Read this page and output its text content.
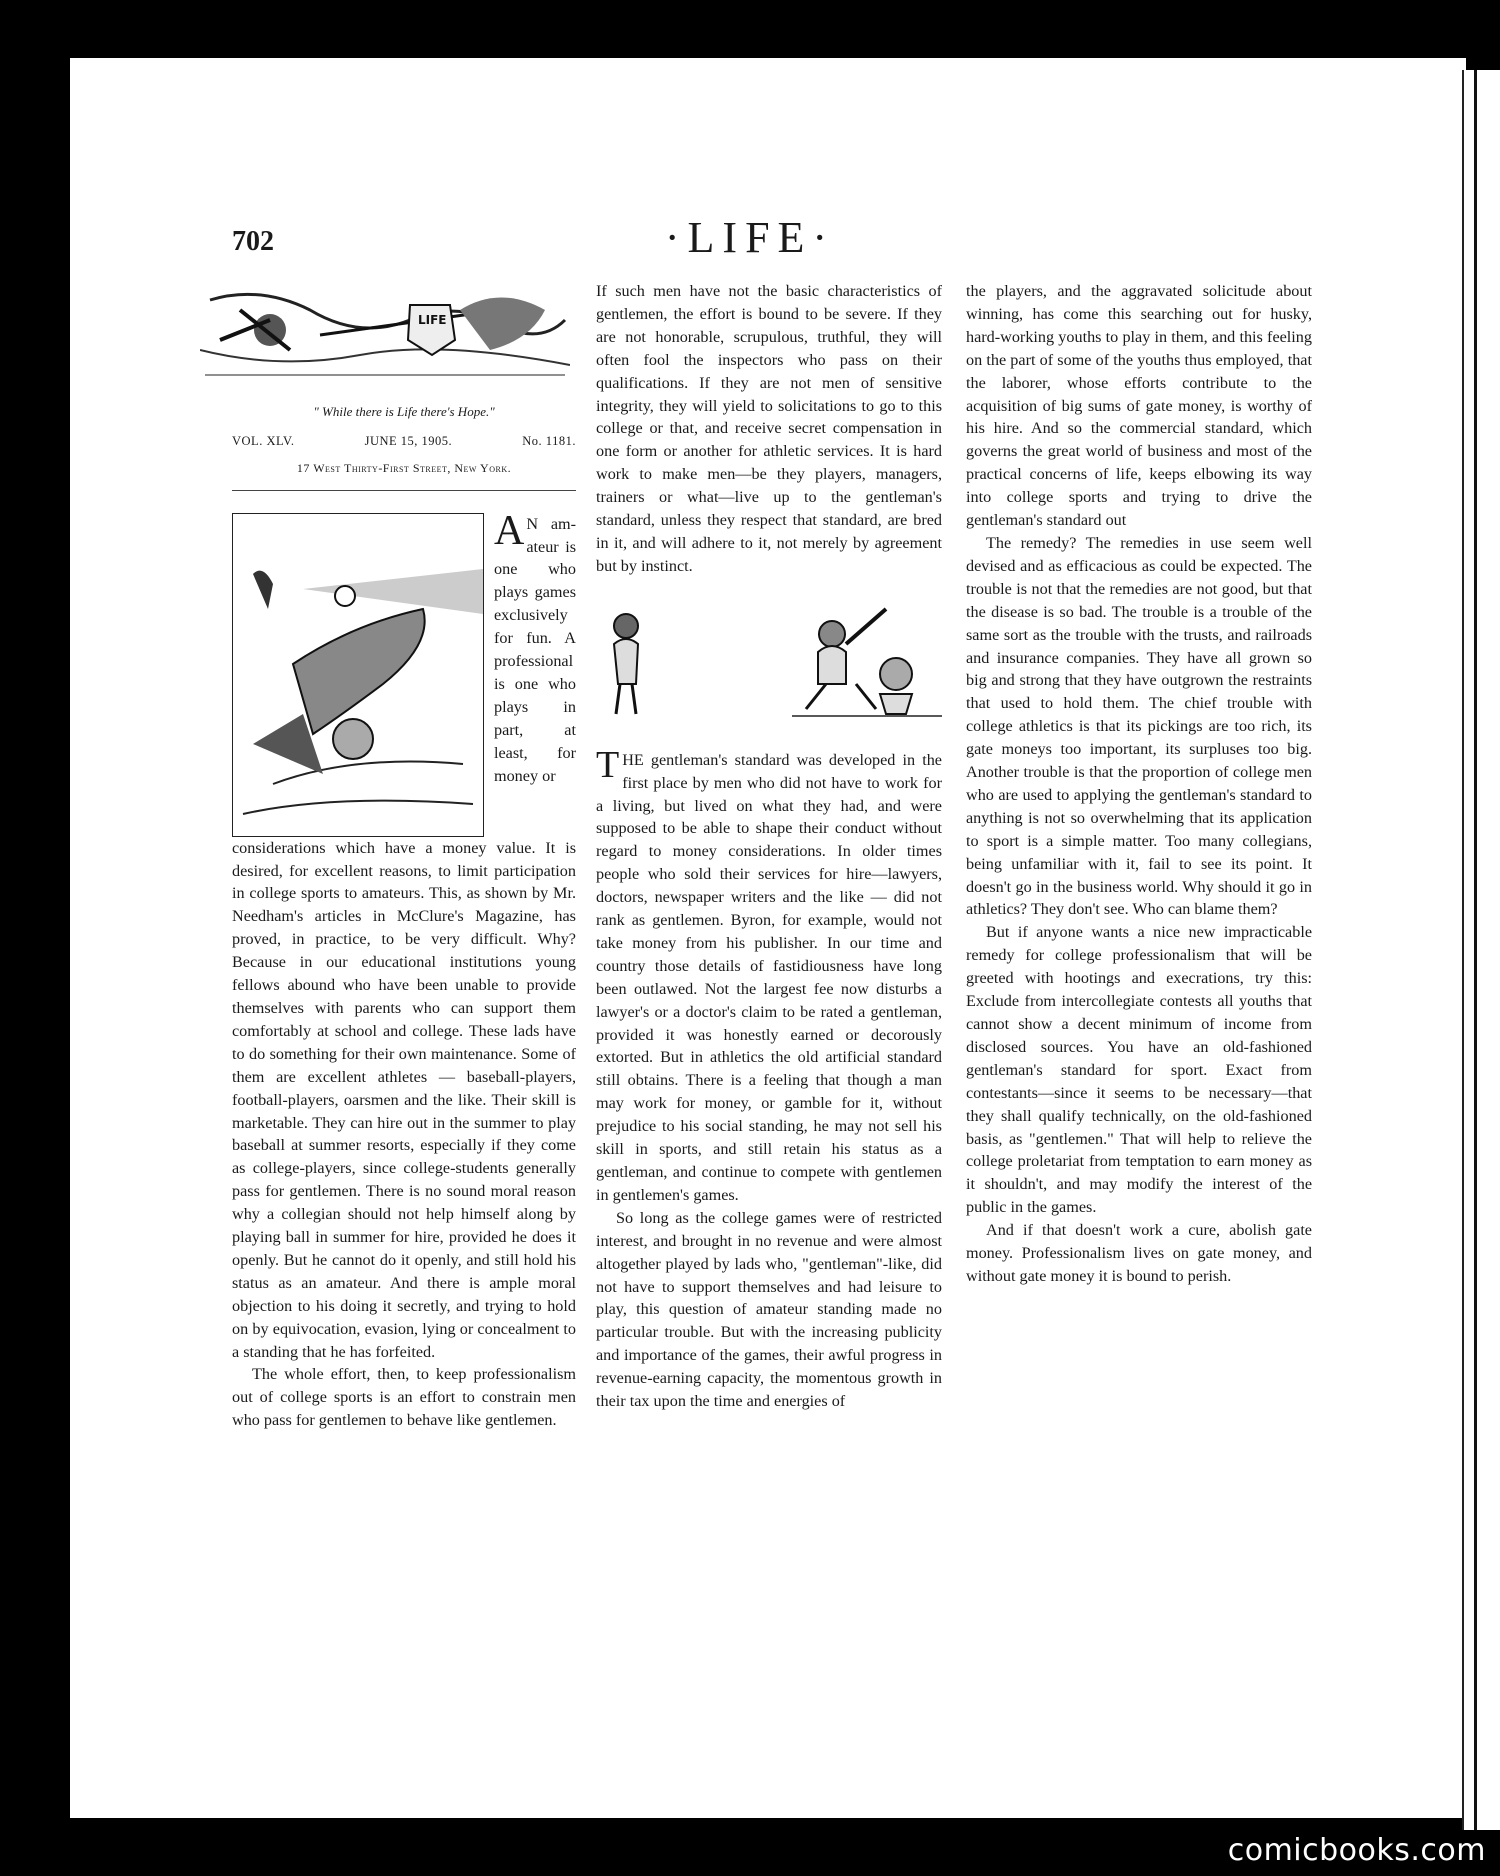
702	·LIFE·
LIFE
" While there is Life there's Hope."
VOL. XLV.	JUNE 15, 1905.	No. 1181.
17 West Thirty-First Street, New York.
A N am-ateur is one who plays games exclusively for fun. A professional is one who plays in part, at least, for money or

considerations which have a money value. It is desired, for excellent reasons, to limit participation in college sports to amateurs. This, as shown by Mr. Needham's articles in McClure's Magazine, has proved, in practice, to be very difficult. Why? Because in our educational institutions young fellows abound who have been unable to provide themselves with parents who can support them comfortably at school and college. These lads have to do something for their own maintenance. Some of them are excellent athletes — baseball-players, football-players, oarsmen and the like. Their skill is marketable. They can hire out in the summer to play baseball at summer resorts, especially if they come as college-players, since college-students generally pass for gentlemen. There is no sound moral reason why a collegian should not help himself along by playing ball in summer for hire, provided he does it openly. But he cannot do it openly, and still hold his status as an amateur. And there is ample moral objection to his doing it secretly, and trying to hold on by equivocation, evasion, lying or concealment to a standing that he has forfeited.

The whole effort, then, to keep professionalism out of college sports is an effort to constrain men who pass for gentlemen to behave like gentlemen.

If such men have not the basic characteristics of gentlemen, the effort is bound to be severe. If they are not honorable, scrupulous, truthful, they will often fool the inspectors who pass on their qualifications. If they are not men of sensitive integrity, they will yield to solicitations to go to this college or that, and receive secret compensation in one form or another for athletic services. It is hard work to make men—be they players, managers, trainers or what—live up to the gentleman's standard, unless they respect that standard, are bred in it, and will adhere to it, not merely by agreement but by instinct.

THE gentleman's standard was developed in the first place by men who did not have to work for a living, but lived on what they had, and were supposed to be able to shape their conduct without regard to money considerations. In older times people who sold their services for hire—lawyers, doctors, newspaper writers and the like — did not rank as gentlemen. Byron, for example, would not take money from his publisher. In our time and country those details of fastidiousness have long been outlawed. Not the largest fee now disturbs a lawyer's or a doctor's claim to be rated a gentleman, provided it was honestly earned or decorously extorted. But in athletics the old artificial standard still obtains. There is a feeling that though a man may work for money, or gamble for it, without prejudice to his social standing, he may not sell his skill in sports, and still retain his status as a gentleman, and continue to compete with gentlemen in gentlemen's games.

So long as the college games were of restricted interest, and brought in no revenue and were almost altogether played by lads who, "gentleman"-like, did not have to support themselves and had leisure to play, this question of amateur standing made no particular trouble. But with the increasing publicity and importance of the games, their awful progress in revenue-earning capacity, the momentous growth in their tax upon the time and energies of

the players, and the aggravated solicitude about winning, has come this searching out for husky, hard-working youths to play in them, and this feeling on the part of some of the youths thus employed, that the laborer, whose efforts contribute to the acquisition of big sums of gate money, is worthy of his hire. And so the commercial standard, which governs the great world of business and most of the practical concerns of life, keeps elbowing its way into college sports and trying to drive the gentleman's standard out

The remedy? The remedies in use seem well devised and as efficacious as could be expected. The trouble is not that the remedies are not good, but that the disease is so bad. The trouble is a trouble of the same sort as the trouble with the trusts, and railroads and insurance companies. They have all grown so big and strong that they have outgrown the restraints that used to hold them. The chief trouble with college athletics is that its pickings are too rich, its gate moneys too important, its surpluses too big. Another trouble is that the proportion of college men who are used to applying the gentleman's standard to anything is not so overwhelming that its application to sport is a simple matter. Too many collegians, being unfamiliar with it, fail to see its point. It doesn't go in the business world. Why should it go in athletics? They don't see. Who can blame them?

But if anyone wants a nice new impracticable remedy for college professionalism that will be greeted with hootings and execrations, try this: Exclude from intercollegiate contests all youths that cannot show a decent minimum of income from disclosed sources. You have an old-fashioned gentleman's standard for sport. Exact from contestants—since it seems to be necessary—that they shall qualify technically, on the old-fashioned basis, as "gentlemen." That will help to relieve the college proletariat from temptation to earn money as it shouldn't, and may modify the interest of the public in the games.

And if that doesn't work a cure, abolish gate money. Professionalism lives on gate money, and without gate money it is bound to perish.

comicbooks.com
